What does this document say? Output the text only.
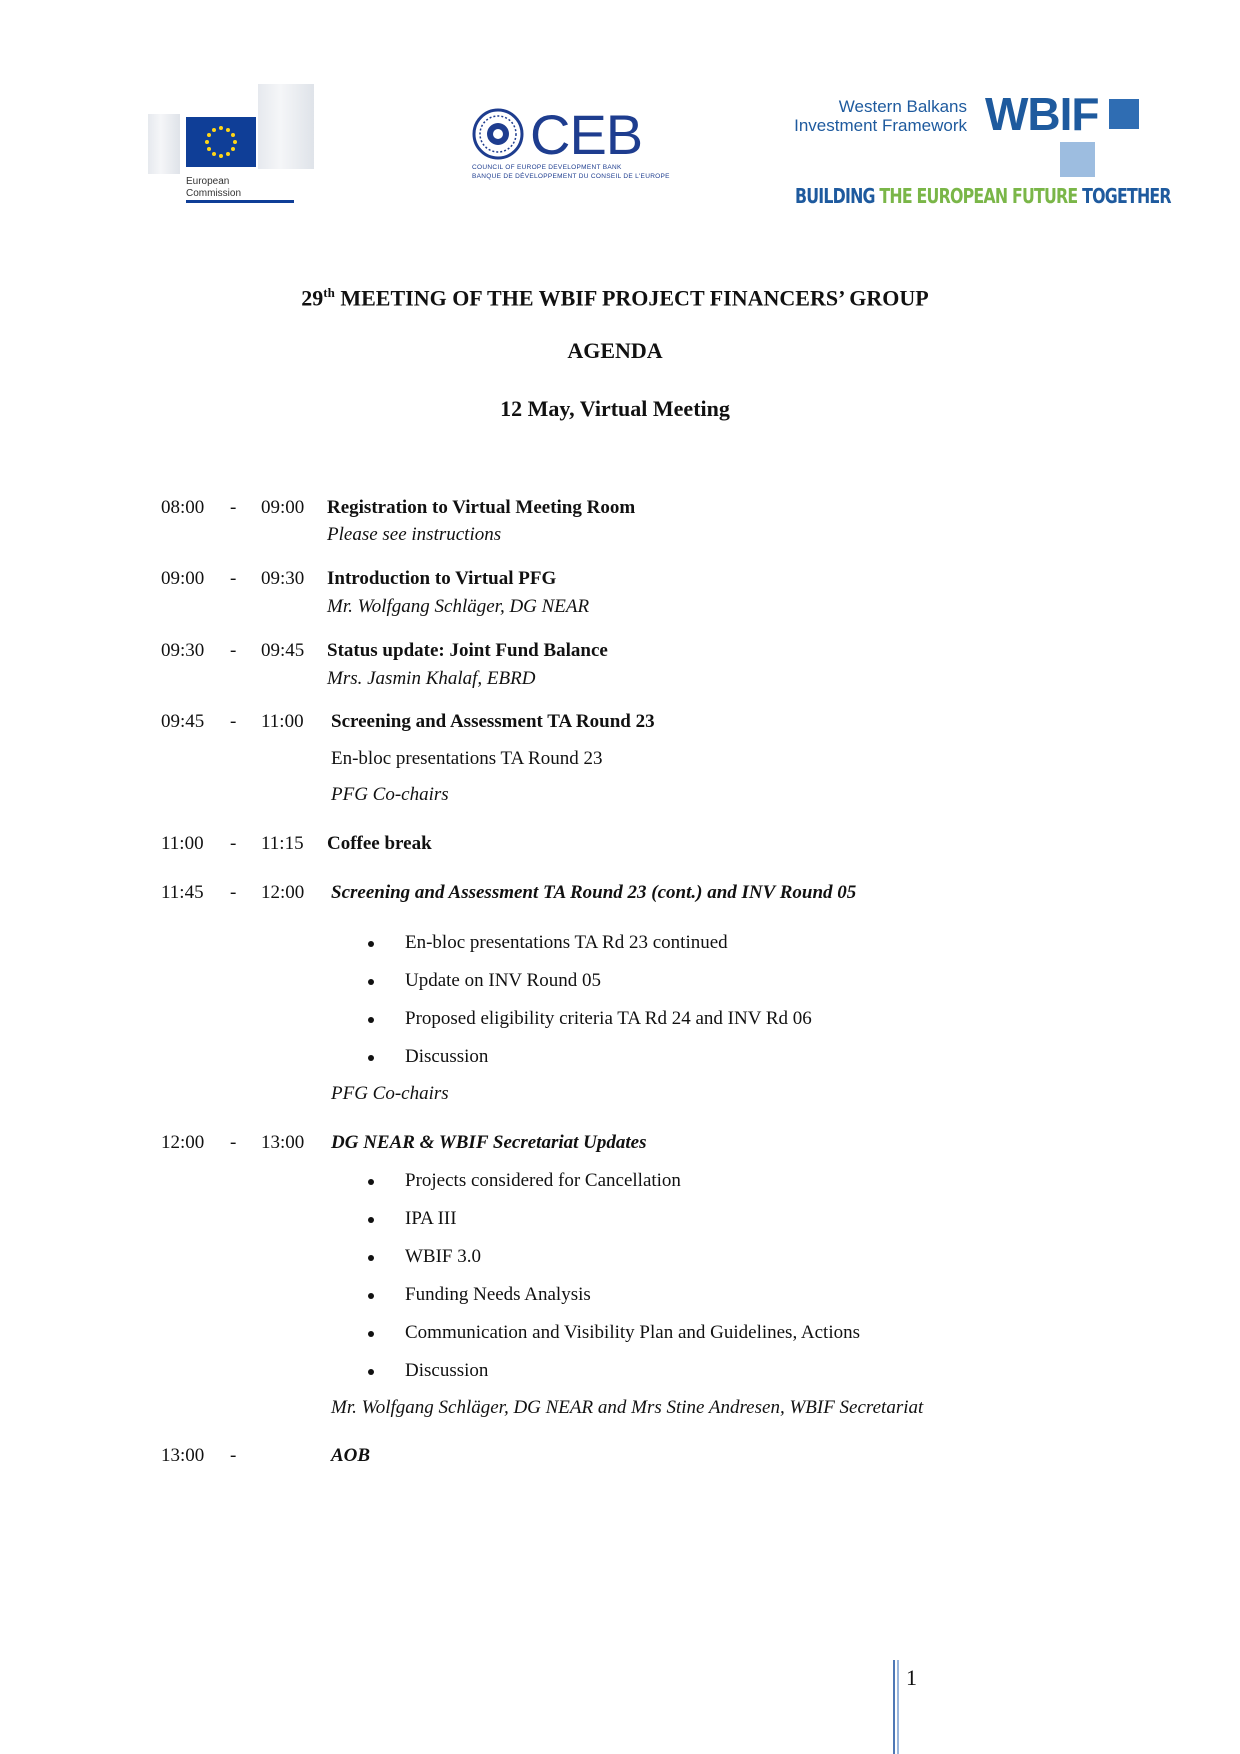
European
Commission
CEB
COUNCIL OF EUROPE DEVELOPMENT BANK
BANQUE DE DÉVELOPPEMENT DU CONSEIL DE L'EUROPE
Western Balkans
Investment Framework WBIF
BUILDING THE EUROPEAN FUTURE TOGETHER
29th MEETING OF THE WBIF PROJECT FINANCERS’ GROUP
AGENDA
12 May, Virtual Meeting
08:00 - 09:00 Registration to Virtual Meeting Room
Please see instructions
09:00 - 09:30 Introduction to Virtual PFG
Mr. Wolfgang Schläger, DG NEAR
09:30 - 09:45 Status update: Joint Fund Balance
Mrs. Jasmin Khalaf, EBRD
09:45 - 11:00 Screening and Assessment TA Round 23
En-bloc presentations TA Round 23
PFG Co-chairs
11:00 - 11:15 Coffee break
11:45 - 12:00 Screening and Assessment TA Round 23 (cont.) and INV Round 05
En-bloc presentations TA Rd 23 continued
Update on INV Round 05
Proposed eligibility criteria TA Rd 24 and INV Rd 06
Discussion
PFG Co-chairs
12:00 - 13:00 DG NEAR & WBIF Secretariat Updates
Projects considered for Cancellation
IPA III
WBIF 3.0
Funding Needs Analysis
Communication and Visibility Plan and Guidelines, Actions
Discussion
Mr. Wolfgang Schläger, DG NEAR and Mrs Stine Andresen, WBIF Secretariat
13:00 -	AOB
1
